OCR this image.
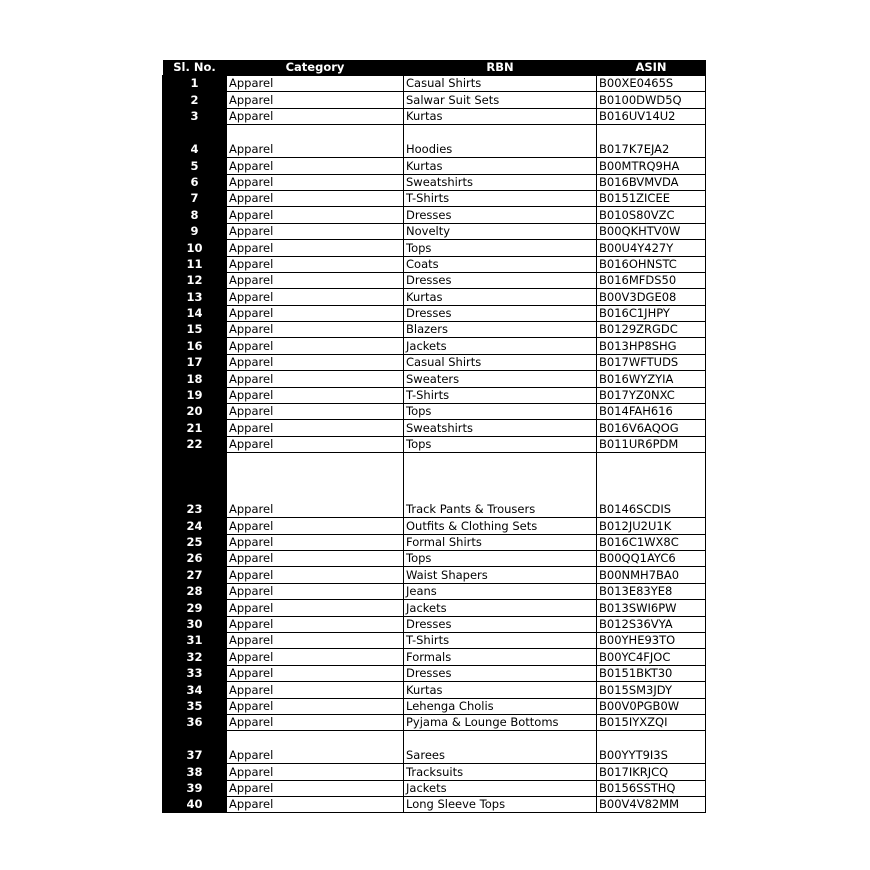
Sl. No.	Category	RBN	ASIN
1	Apparel	Casual Shirts	B00XE0465S
2	Apparel	Salwar Suit Sets	B0100DWD5Q
3	Apparel	Kurtas	B016UV14U2
4	Apparel	Hoodies	B017K7EJA2
5	Apparel	Kurtas	B00MTRQ9HA
6	Apparel	Sweatshirts	B016BVMVDA
7	Apparel	T-Shirts	B0151ZICEE
8	Apparel	Dresses	B010S80VZC
9	Apparel	Novelty	B00QKHTV0W
10	Apparel	Tops	B00U4Y427Y
11	Apparel	Coats	B016OHNSTC
12	Apparel	Dresses	B016MFDS50
13	Apparel	Kurtas	B00V3DGE08
14	Apparel	Dresses	B016C1JHPY
15	Apparel	Blazers	B0129ZRGDC
16	Apparel	Jackets	B013HP8SHG
17	Apparel	Casual Shirts	B017WFTUDS
18	Apparel	Sweaters	B016WYZYIA
19	Apparel	T-Shirts	B017YZ0NXC
20	Apparel	Tops	B014FAH616
21	Apparel	Sweatshirts	B016V6AQOG
22	Apparel	Tops	B011UR6PDM
23	Apparel	Track Pants & Trousers	B0146SCDIS
24	Apparel	Outfits & Clothing Sets	B012JU2U1K
25	Apparel	Formal Shirts	B016C1WX8C
26	Apparel	Tops	B00QQ1AYC6
27	Apparel	Waist Shapers	B00NMH7BA0
28	Apparel	Jeans	B013E83YE8
29	Apparel	Jackets	B013SWI6PW
30	Apparel	Dresses	B012S36VYA
31	Apparel	T-Shirts	B00YHE93TO
32	Apparel	Formals	B00YC4FJOC
33	Apparel	Dresses	B0151BKT30
34	Apparel	Kurtas	B015SM3JDY
35	Apparel	Lehenga Cholis	B00V0PGB0W
36	Apparel	Pyjama & Lounge Bottoms	B015IYXZQI
37	Apparel	Sarees	B00YYT9I3S
38	Apparel	Tracksuits	B017IKRJCQ
39	Apparel	Jackets	B0156SSTHQ
40	Apparel	Long Sleeve Tops	B00V4V82MM
